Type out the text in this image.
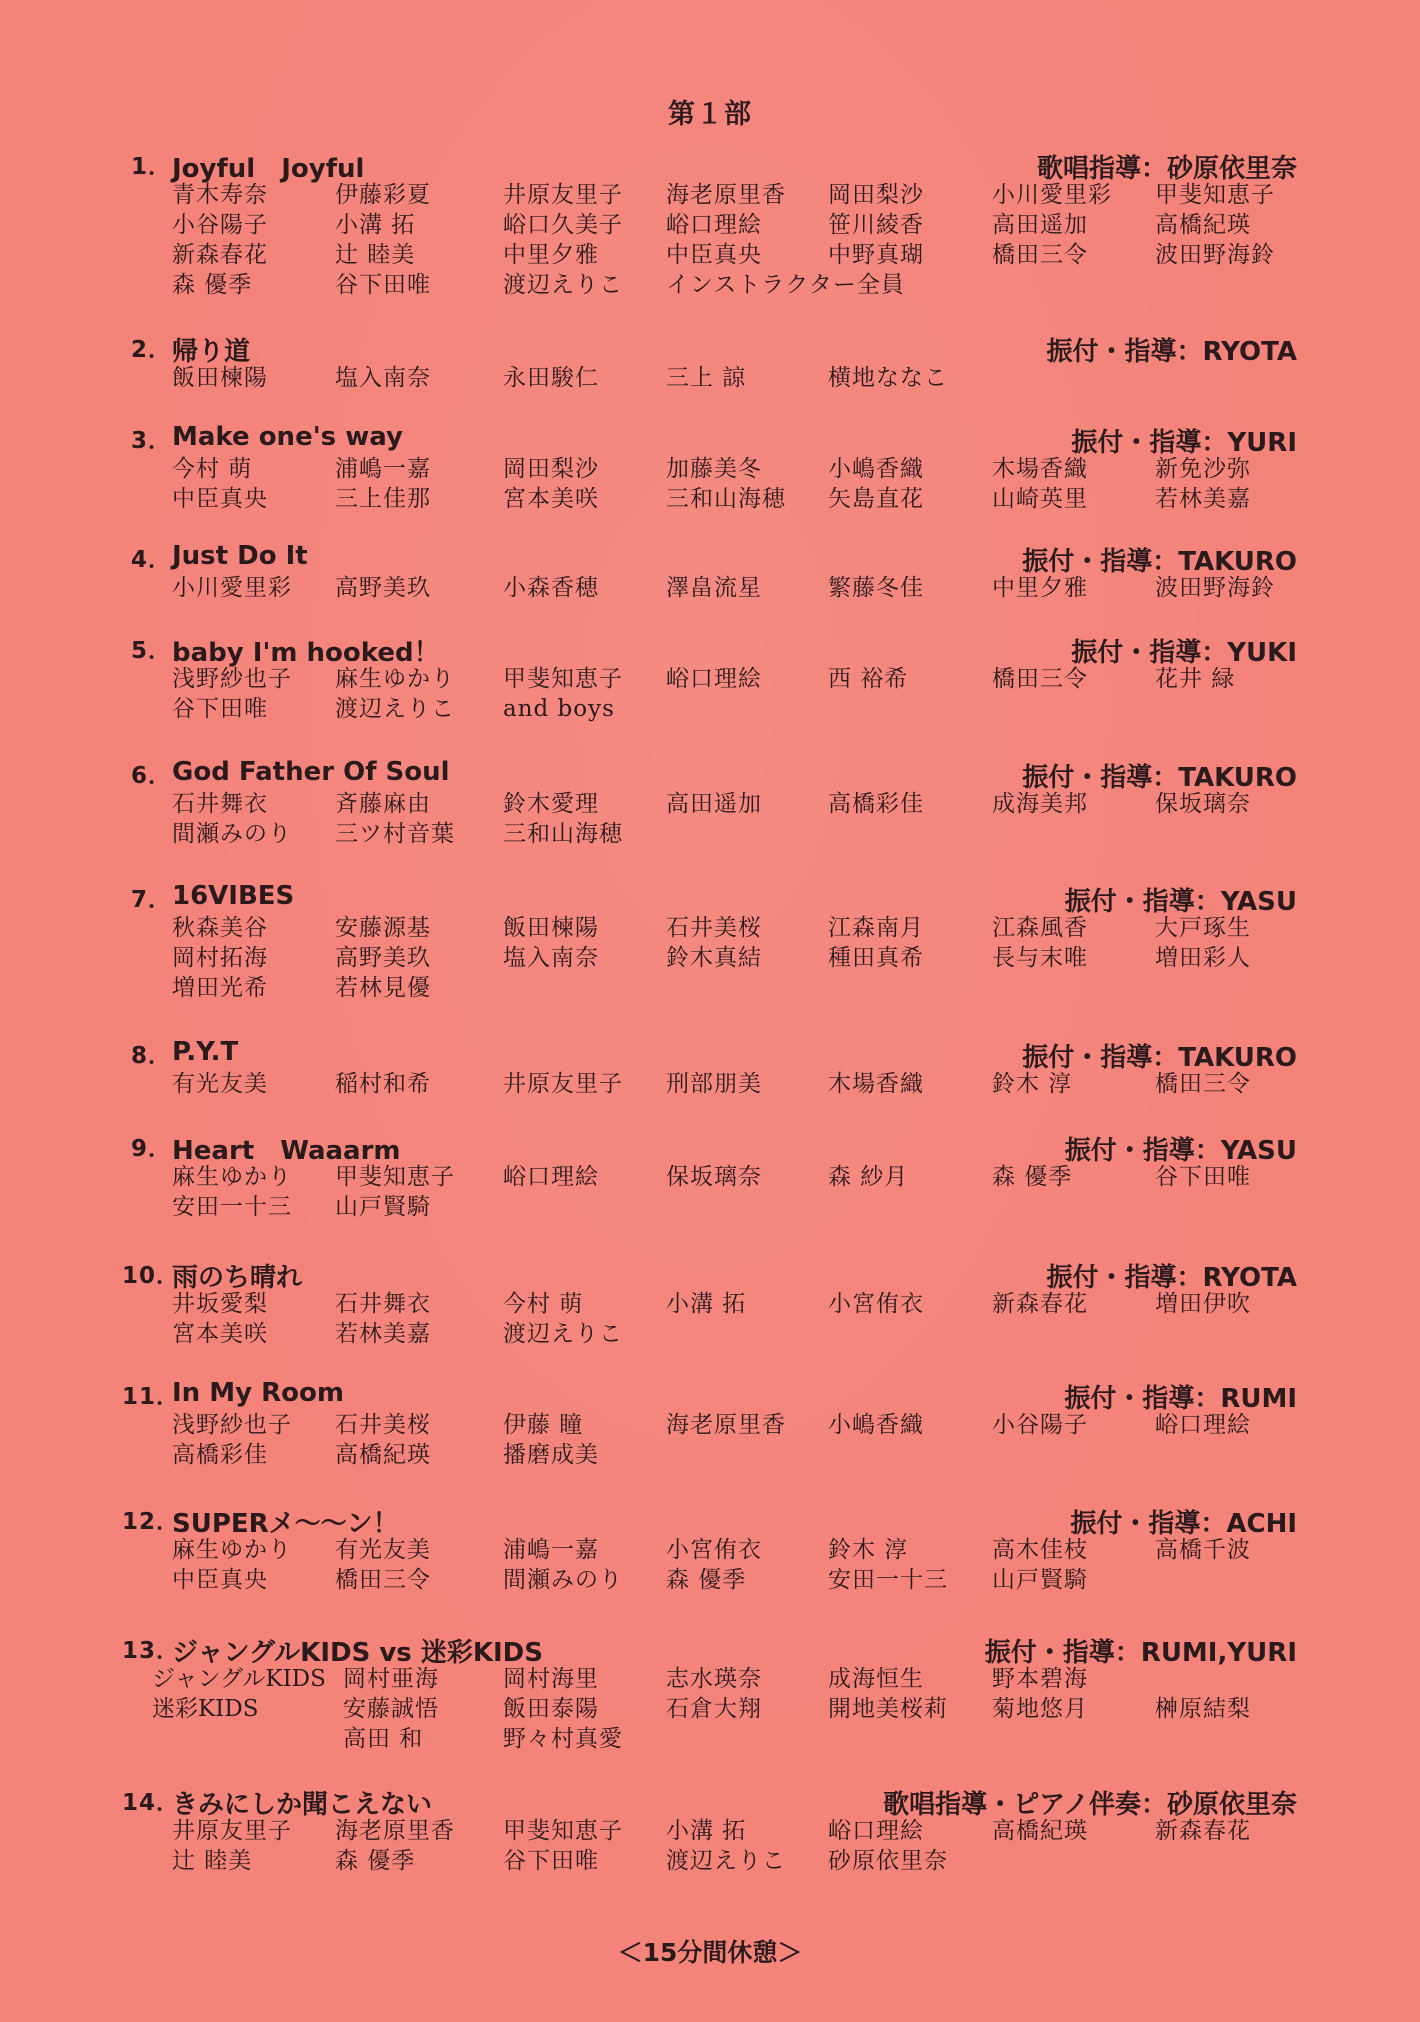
第１部
1． Joyful　Joyful	歌唱指導：砂原依里奈
青木寿奈	伊藤彩夏	井原友里子 海老原里香 岡田梨沙	小川愛里彩 甲斐知恵子
小谷陽子	小溝 拓	峪口久美子 峪口理絵	笹川綾香	高田遥加	高橋紀瑛
新森春花	辻 睦美	中里夕雅	中臣真央	中野真瑚	橋田三令	波田野海鈴
森 優季	谷下田唯	渡辺えりこ インストラクター全員
2． 帰り道	振付・指導：RYOTA
飯田楝陽	塩入南奈	永田駿仁	三上 諒	横地ななこ
3． Make one's way	振付・指導：YURI
今村 萌	浦嶋一嘉	岡田梨沙	加藤美冬	小嶋香織	木場香織	新免沙弥
中臣真央	三上佳那	宮本美咲	三和山海穂 矢島直花	山崎英里	若林美嘉
4． Just Do It	振付・指導：TAKURO
小川愛里彩 高野美玖	小森香穂	澤畠流星	繁藤冬佳	中里夕雅	波田野海鈴
5． baby I'm hooked！	振付・指導：YUKI
浅野紗也子 麻生ゆかり 甲斐知恵子 峪口理絵	西 裕希	橋田三令	花井 緑
谷下田唯	渡辺えりこ and boys
6． God Father Of Soul	振付・指導：TAKURO
石井舞衣	斉藤麻由	鈴木愛理	高田遥加	高橋彩佳	成海美邦	保坂璃奈
間瀬みのり 三ツ村音葉 三和山海穂
7． 16VIBES	振付・指導：YASU
秋森美谷	安藤源基	飯田楝陽	石井美桜	江森南月	江森風香	大戸琢生
岡村拓海	高野美玖	塩入南奈	鈴木真結	種田真希	長与末唯	増田彩人
増田光希	若林見優
8． P.Y.T	振付・指導：TAKURO
有光友美	稲村和希	井原友里子 刑部朋美	木場香織	鈴木 淳	橋田三令
9． Heart　Waaarm	振付・指導：YASU
麻生ゆかり 甲斐知恵子 峪口理絵	保坂璃奈	森 紗月	森 優季	谷下田唯
安田一十三 山戸賢騎
10．
雨のち晴れ	振付・指導：RYOTA
井坂愛梨	石井舞衣	今村 萌	小溝 拓	小宮侑衣	新森春花	増田伊吹
宮本美咲	若林美嘉	渡辺えりこ
11．
In My Room	振付・指導：RUMI
浅野紗也子 石井美桜	伊藤 瞳	海老原里香 小嶋香織	小谷陽子	峪口理絵
高橋彩佳	高橋紀瑛	播磨成美
12．
SUPERメ～～ン！	振付・指導：ACHI
麻生ゆかり 有光友美	浦嶋一嘉	小宮侑衣	鈴木 淳	高木佳枝	高橋千波
中臣真央	橋田三令	間瀬みのり 森 優季	安田一十三 山戸賢騎
13．
ジャングルKIDS vs 迷彩KIDS	振付・指導：RUMI,YURI
ジャングルKIDS 岡村亜海	岡村海里	志水瑛奈	成海恒生	野本碧海
迷彩KIDS	安藤誠悟	飯田泰陽	石倉大翔	開地美桜莉 菊地悠月	榊原結梨
高田 和	野々村真愛
14．
きみにしか聞こえない	歌唱指導・ピアノ伴奏：砂原依里奈
井原友里子 海老原里香 甲斐知恵子 小溝 拓	峪口理絵	高橋紀瑛	新森春花
辻 睦美	森 優季	谷下田唯	渡辺えりこ 砂原依里奈
＜15分間休憩＞
